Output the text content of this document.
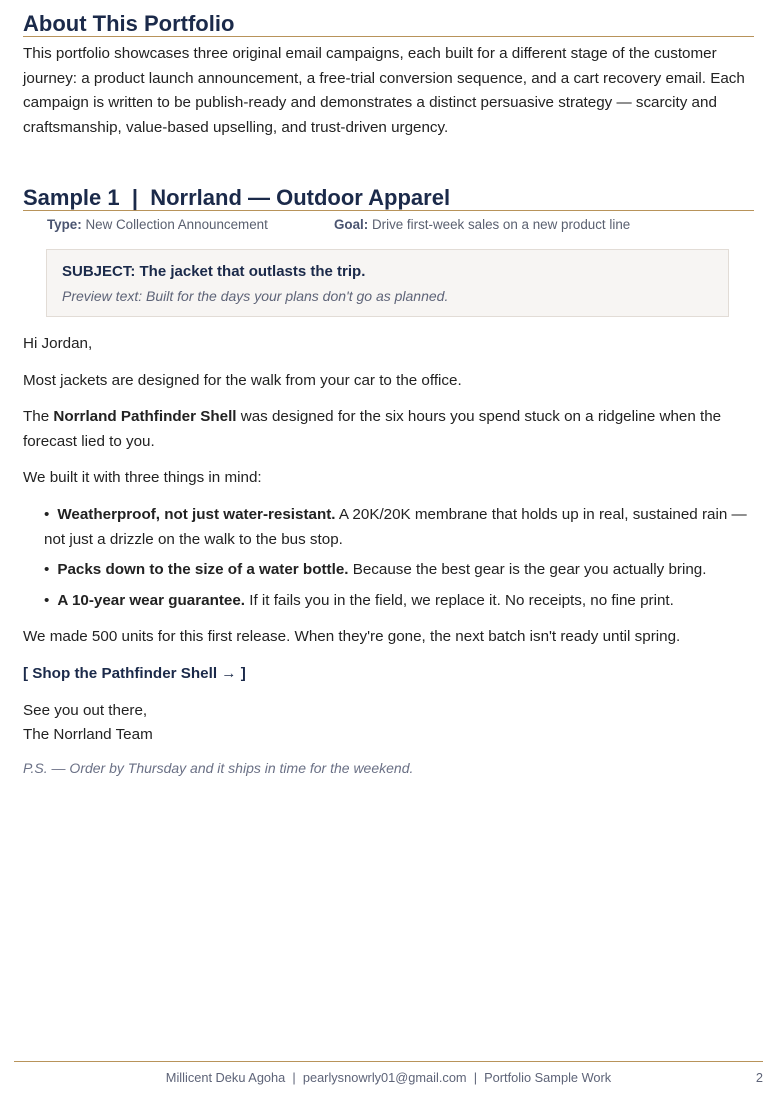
About This Portfolio

This portfolio showcases three original email campaigns, each built for a different stage of the customer journey: a product launch announcement, a free-trial conversion sequence, and a cart recovery email. Each campaign is written to be publish-ready and demonstrates a distinct persuasive strategy — scarcity and craftsmanship, value-based upselling, and trust-driven urgency.

Sample 1  |  Norrland — Outdoor Apparel
Type: New Collection Announcement	Goal: Drive first-week sales on a new product line
SUBJECT: The jacket that outlasts the trip.
Preview text: Built for the days your plans don't go as planned.

Hi Jordan,

Most jackets are designed for the walk from your car to the office.

The Norrland Pathfinder Shell was designed for the six hours you spend stuck on a ridgeline when the forecast lied to you.

We built it with three things in mind:

• Weatherproof, not just water-resistant. A 20K/20K membrane that holds up in real, sustained rain — not just a drizzle on the walk to the bus stop.

• Packs down to the size of a water bottle. Because the best gear is the gear you actually bring.

• A 10-year wear guarantee. If it fails you in the field, we replace it. No receipts, no fine print.

We made 500 units for this first release. When they're gone, the next batch isn't ready until spring.

[ Shop the Pathfinder Shell → ]

See you out there,

The Norrland Team

P.S. — Order by Thursday and it ships in time for the weekend.
Millicent Deku Agoha  |  pearlysnowrly01@gmail.com  |  Portfolio Sample Work	2
